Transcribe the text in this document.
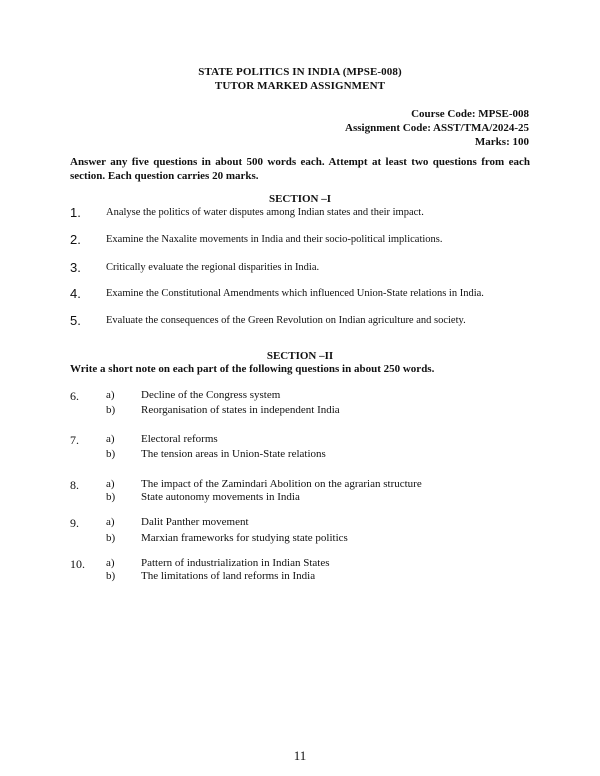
STATE POLITICS IN INDIA (MPSE-008)
TUTOR MARKED ASSIGNMENT
Course Code: MPSE-008
Assignment Code: ASST/TMA/2024-25
Marks: 100
Answer any five questions in about 500 words each. Attempt at least two questions from each section. Each question carries 20 marks.
SECTION –I
1. Analyse the politics of water disputes among Indian states and their impact.
2. Examine the Naxalite movements in India and their socio-political implications.
3. Critically evaluate the regional disparities in India.
4. Examine the Constitutional Amendments which influenced Union-State relations in India.
5. Evaluate the consequences of the Green Revolution on Indian agriculture and society.
SECTION –II
Write a short note on each part of the following questions in about 250 words.
6. a) Decline of the Congress system
b) Reorganisation of states in independent India
7. a) Electoral reforms
b) The tension areas in Union-State relations
8. a) The impact of the Zamindari Abolition on the agrarian structure
b) State autonomy movements in India
9. a) Dalit Panther movement
b) Marxian frameworks for studying state politics
10. a) Pattern of industrialization in Indian States
b) The limitations of land reforms in India
11
